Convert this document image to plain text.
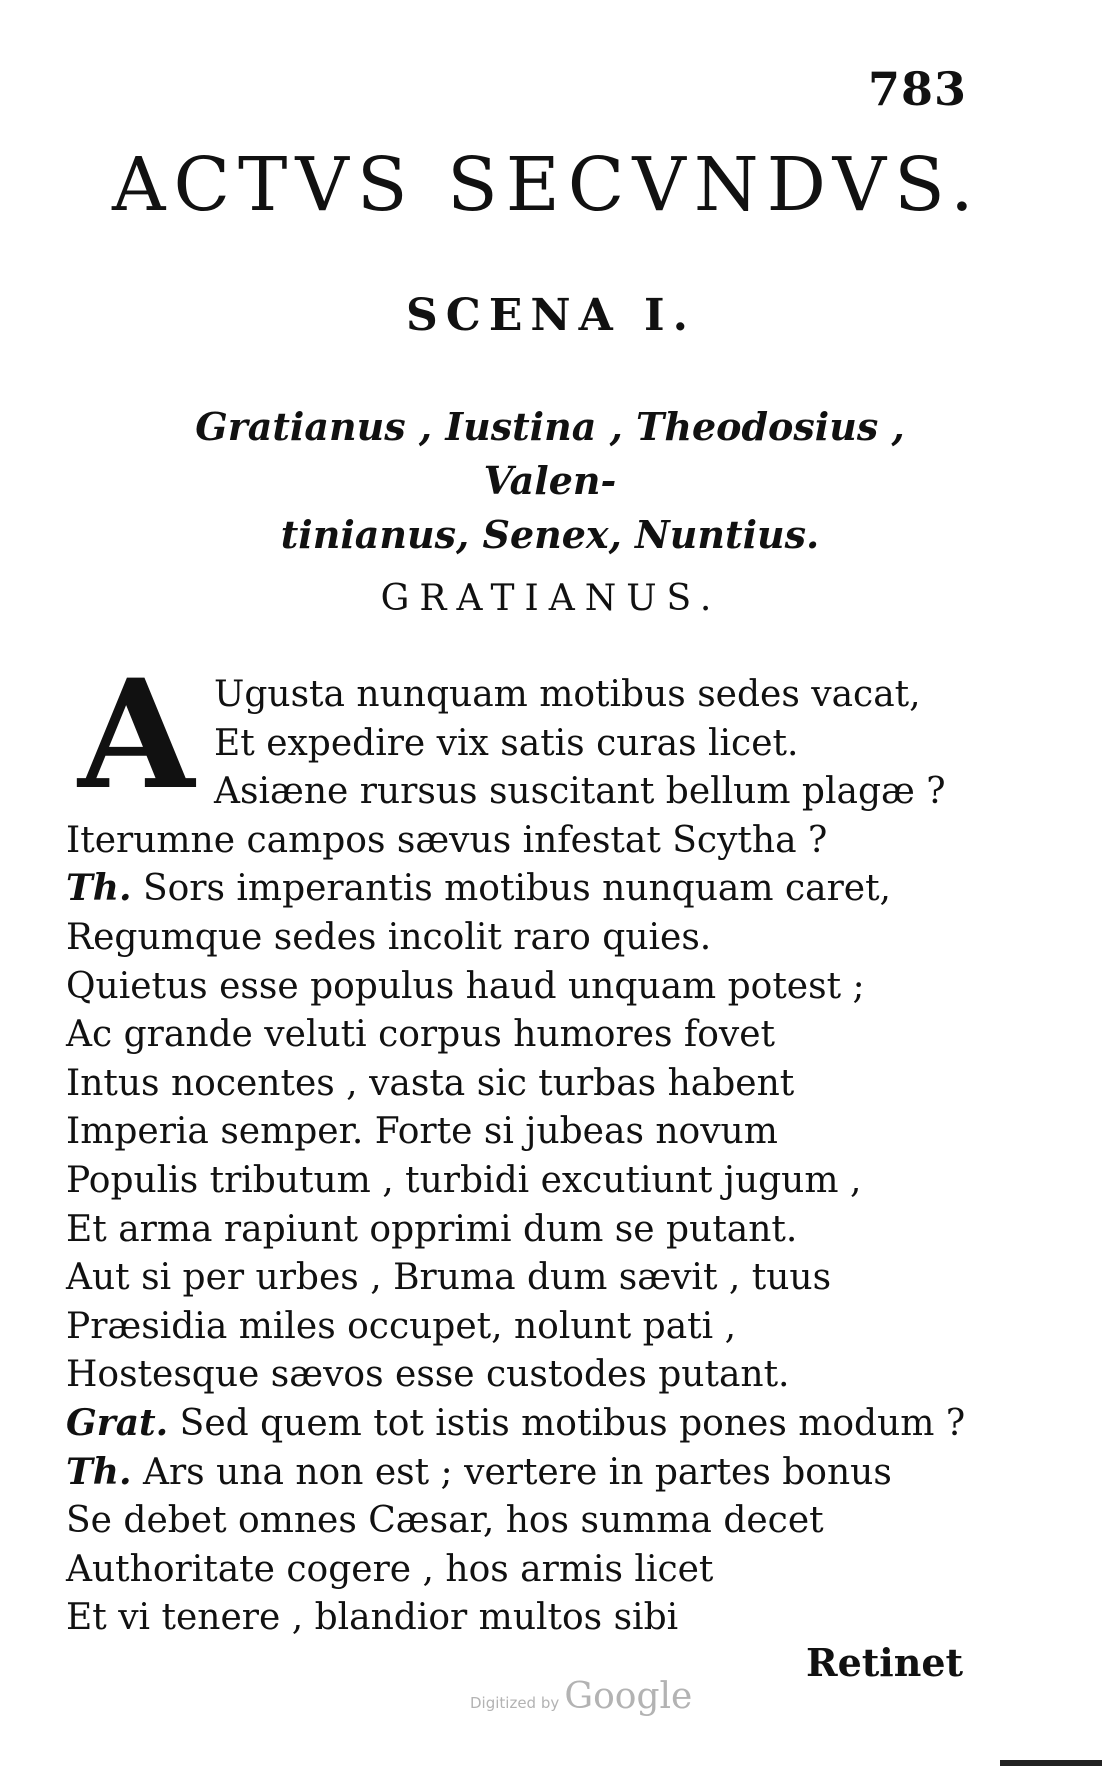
783
ACTVS SECVNDVS.
SCENA I.
Gratianus , Iustina , Theodosius , Valen-
tinianus, Senex, Nuntius.
GRATIANUS.
A Ugusta nunquam motibus sedes vacat,
Et expedire vix satis curas licet.
Asiæne rursus suscitant bellum plagæ ?
Iterumne campos sævus infestat Scytha ?
Th. Sors imperantis motibus nunquam caret,
Regumque sedes incolit raro quies.
Quietus esse populus haud unquam potest ;
Ac grande veluti corpus humores fovet
Intus nocentes , vasta sic turbas habent
Imperia semper. Forte si jubeas novum
Populis tributum , turbidi excutiunt jugum ,
Et arma rapiunt opprimi dum se putant.
Aut si per urbes , Bruma dum sævit , tuus
Præsidia miles occupet, nolunt pati ,
Hostesque sævos esse custodes putant.
Grat. Sed quem tot istis motibus pones modum ?
Th. Ars una non est ; vertere in partes bonus
Se debet omnes Cæsar, hos summa decet
Authoritate cogere , hos armis licet
Et vi tenere , blandior multos sibi
Retinet
Digitized by Google
